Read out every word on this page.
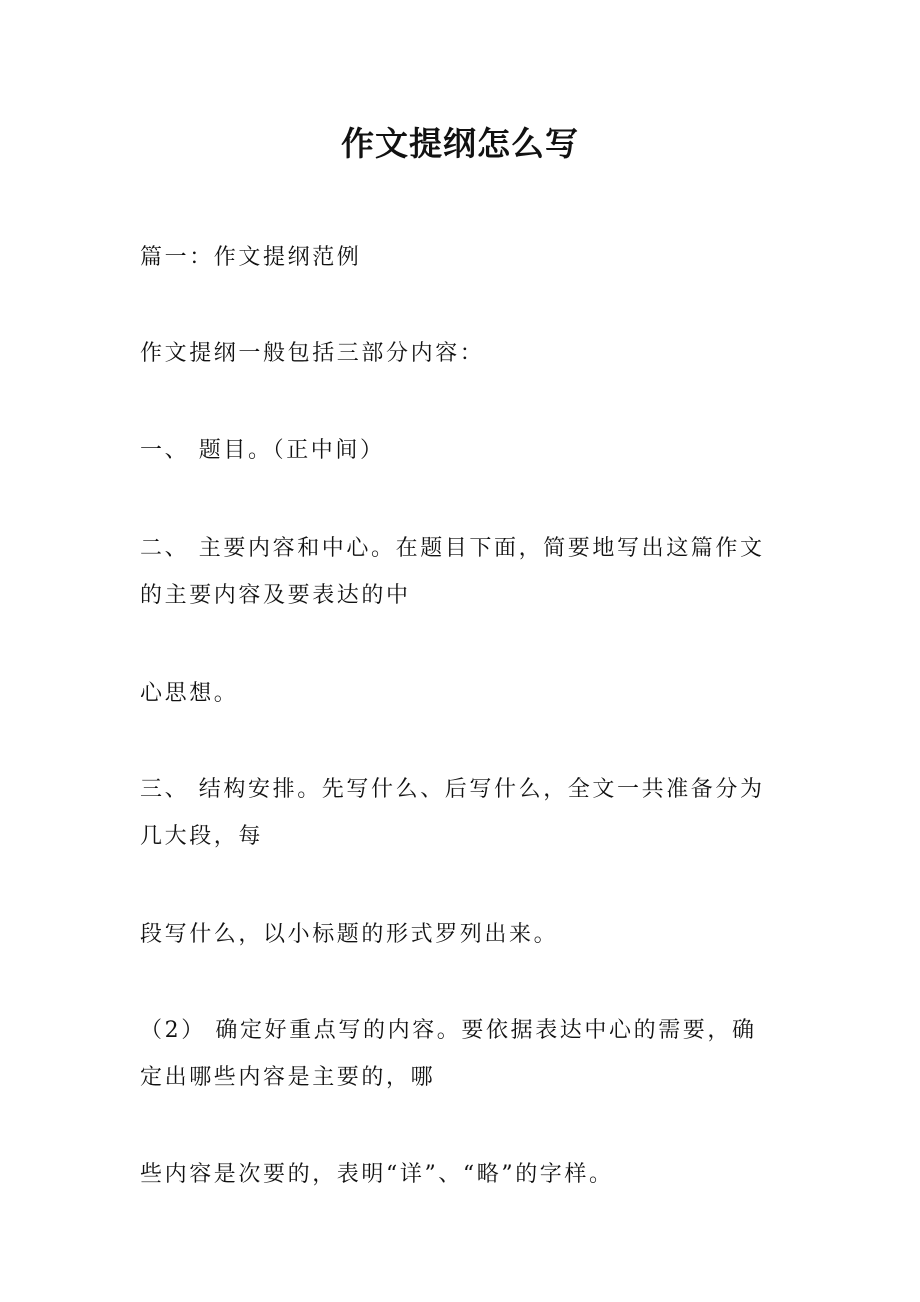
作文提纲怎么写
篇一：作文提纲范例
作文提纲一般包括三部分内容：
一、 题目。（正中间）
二、 主要内容和中心。在题目下面，简要地写出这篇作文
的主要内容及要表达的中
心思想。
三、 结构安排。先写什么、后写什么，全文一共准备分为
几大段，每
段写什么，以小标题的形式罗列出来。
（2） 确定好重点写的内容。要依据表达中心的需要，确
定出哪些内容是主要的，哪
些内容是次要的，表明“详”、“略”的字样。
